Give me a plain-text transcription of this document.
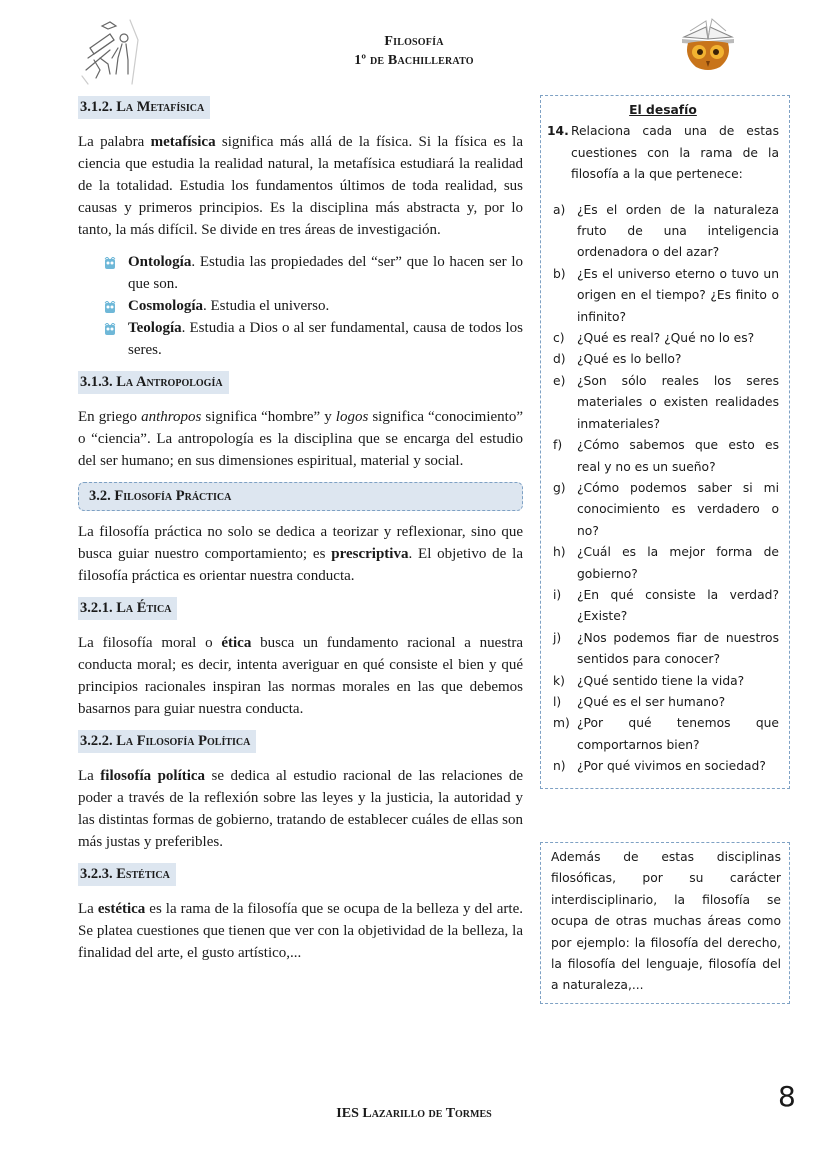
Filosofía
1º de Bachillerato
3.1.2. La Metafísica

La palabra metafísica significa más allá de la física. Si la física es la ciencia que estudia la realidad natural, la metafísica estudiará la realidad de la totalidad. Estudia los fundamentos últimos de toda realidad, sus causas y primeros principios. Es la disciplina más abstracta y, por lo tanto, la más difícil. Se divide en tres áreas de investigación.

Ontología. Estudia las propiedades del “ser” que lo hacen ser lo que son.
Cosmología. Estudia el universo.
Teología. Estudia a Dios o al ser fundamental, causa de todos los seres.
3.1.3. La Antropología

En griego anthropos significa “hombre” y logos significa “conocimiento” o “ciencia”. La antropología es la disciplina que se encarga del estudio del ser humano; en sus dimensiones espiritual, material y social.

3.2. Filosofía Práctica

La filosofía práctica no solo se dedica a teorizar y reflexionar, sino que busca guiar nuestro comportamiento; es prescriptiva. El objetivo de la filosofía práctica es orientar nuestra conducta.

3.2.1. La Ética

La filosofía moral o ética busca un fundamento racional a nuestra conducta moral; es decir, intenta averiguar en qué consiste el bien y qué principios racionales inspiran las normas morales en las que debemos basarnos para guiar nuestra conducta.

3.2.2. La Filosofía Política

La filosofía política se dedica al estudio racional de las relaciones de poder a través de la reflexión sobre las leyes y la justicia, la autoridad y las distintas formas de gobierno, tratando de establecer cuáles de ellas son más justas y preferibles.

3.2.3. Estética

La estética es la rama de la filosofía que se ocupa de la belleza y del arte. Se platea cuestiones que tienen que ver con la objetividad de la belleza, la finalidad del arte, el gusto artístico,...

El desafío

14. Relaciona cada una de estas cuestiones con la rama de la filosofía a la que pertenece:
a) ¿Es el orden de la naturaleza fruto de una inteligencia ordenadora o del azar?
b) ¿Es el universo eterno o tuvo un origen en el tiempo? ¿Es finito o infinito?
c)	¿Qué es real? ¿Qué no lo es?
d) ¿Qué es lo bello?
e) ¿Son sólo reales los seres materiales o existen realidades inmateriales?
f)	¿Cómo sabemos que esto es real y no es un sueño?
g) ¿Cómo podemos saber si mi conocimiento es verdadero o no?
h) ¿Cuál es la mejor forma de gobierno?
i)	¿En qué consiste la verdad? ¿Existe?
j)	¿Nos podemos fiar de nuestros sentidos para conocer?
k) ¿Qué sentido tiene la vida?
l)	¿Qué es el ser humano?
m) ¿Por qué tenemos que comportarnos bien?
n) ¿Por qué vivimos en sociedad?
Además de estas disciplinas filosóficas, por su carácter interdisciplinario, la filosofía se ocupa de otras muchas áreas como por ejemplo: la filosofía del derecho, la filosofía del lenguaje, filosofía del a naturaleza,...
IES Lazarillo de Tormes
8
